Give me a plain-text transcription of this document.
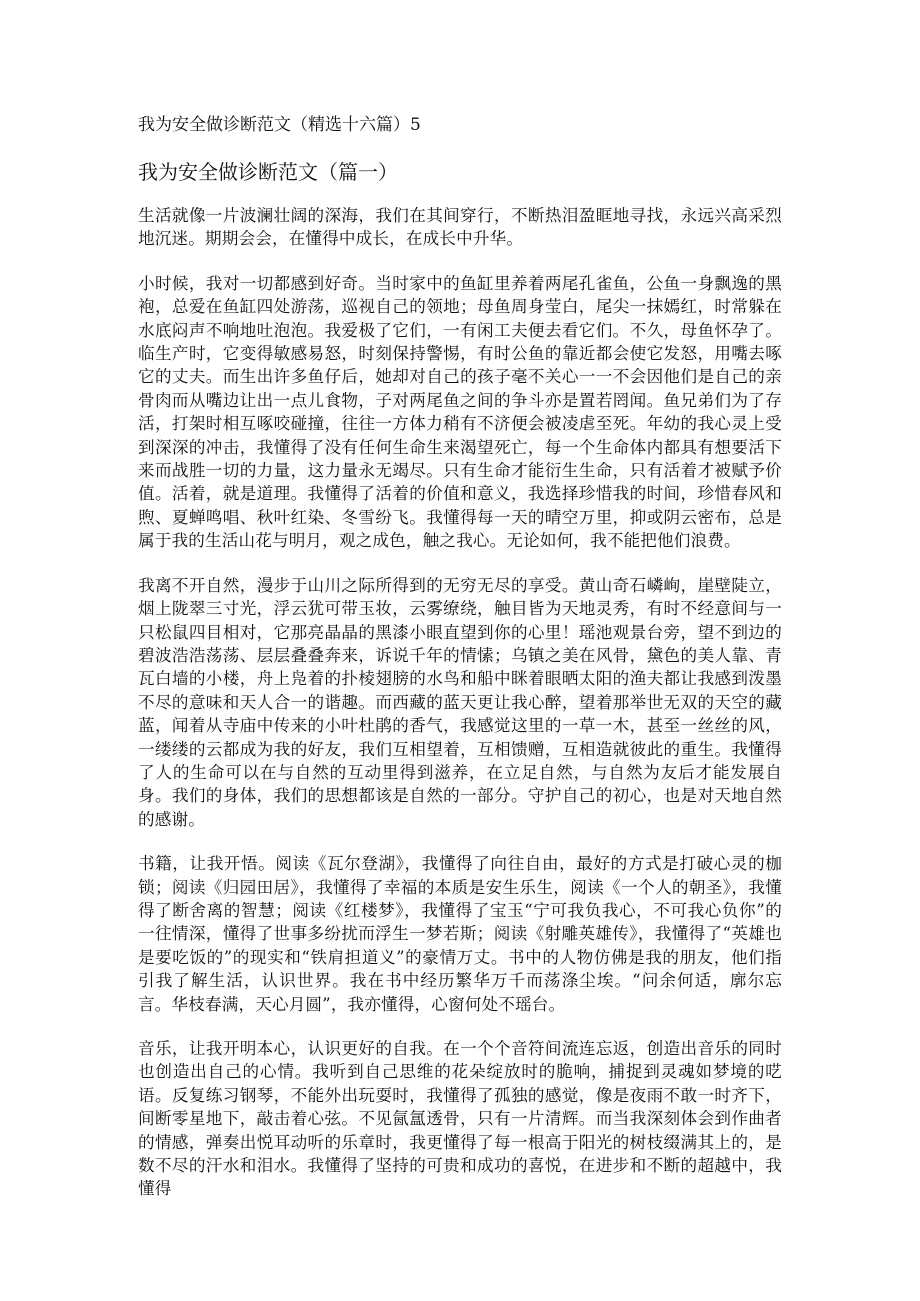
我为安全做诊断范文（精选十六篇）5
我为安全做诊断范文（篇一）

生活就像一片波澜壮阔的深海，我们在其间穿行，不断热泪盈眶地寻找，永远兴高采烈地沉迷。期期会会，在懂得中成长，在成长中升华。

小时候，我对一切都感到好奇。当时家中的鱼缸里养着两尾孔雀鱼，公鱼一身飘逸的黑袍，总爱在鱼缸四处游荡，巡视自己的领地；母鱼周身莹白，尾尖一抹嫣红，时常躲在水底闷声不响地吐泡泡。我爱极了它们，一有闲工夫便去看它们。不久，母鱼怀孕了。临生产时，它变得敏感易怒，时刻保持警惕，有时公鱼的靠近都会使它发怒，用嘴去啄它的丈夫。而生出许多鱼仔后，她却对自己的孩子毫不关心一一不会因他们是自己的亲骨肉而从嘴边让出一点儿食物，子对两尾鱼之间的争斗亦是置若罔闻。鱼兄弟们为了存活，打架时相互啄咬碰撞，往往一方体力稍有不济便会被凌虐至死。年幼的我心灵上受到深深的冲击，我懂得了没有任何生命生来渴望死亡，每一个生命体内都具有想要活下来而战胜一切的力量，这力量永无竭尽。只有生命才能衍生生命，只有活着才被赋予价值。活着，就是道理。我懂得了活着的价值和意义，我选择珍惜我的时间，珍惜春风和煦、夏蝉鸣唱、秋叶红染、冬雪纷飞。我懂得每一天的晴空万里，抑或阴云密布，总是属于我的生活山花与明月，观之成色，触之我心。无论如何，我不能把他们浪费。

我离不开自然，漫步于山川之际所得到的无穷无尽的享受。黄山奇石嶙峋，崖壁陡立，烟上陇翠三寸光，浮云犹可带玉妆，云雾缭绕，触目皆为天地灵秀，有时不经意间与一只松鼠四目相对，它那亮晶晶的黑漆小眼直望到你的心里！瑶池观景台旁，望不到边的碧波浩浩荡荡、层层叠叠奔来，诉说千年的情愫；乌镇之美在风骨，黛色的美人靠、青瓦白墙的小楼，舟上凫着的扑棱翅膀的水鸟和船中眯着眼晒太阳的渔夫都让我感到泼墨不尽的意味和天人合一的谐趣。而西藏的蓝天更让我心醉，望着那举世无双的天空的藏蓝，闻着从寺庙中传来的小叶杜鹃的香气，我感觉这里的一草一木，甚至一丝丝的风，一缕缕的云都成为我的好友，我们互相望着，互相馈赠，互相造就彼此的重生。我懂得了人的生命可以在与自然的互动里得到滋养，在立足自然，与自然为友后才能发展自身。我们的身体，我们的思想都该是自然的一部分。守护自己的初心，也是对天地自然的感谢。

书籍，让我开悟。阅读《瓦尔登湖》，我懂得了向往自由，最好的方式是打破心灵的枷锁；阅读《归园田居》，我懂得了幸福的本质是安生乐生，阅读《一个人的朝圣》，我懂得了断舍离的智慧；阅读《红楼梦》，我懂得了宝玉“宁可我负我心，不可我心负你”的一往情深，懂得了世事多纷扰而浮生一梦若斯；阅读《射雕英雄传》，我懂得了“英雄也是要吃饭的”的现实和“铁肩担道义”的豪情万丈。书中的人物仿佛是我的朋友，他们指引我了解生活，认识世界。我在书中经历繁华万千而荡涤尘埃。“问余何适，廓尔忘言。华枝春满，天心月圆”，我亦懂得，心窗何处不瑶台。

音乐，让我开明本心，认识更好的自我。在一个个音符间流连忘返，创造出音乐的同时也创造出自己的心情。我听到自己思维的花朵绽放时的脆响，捕捉到灵魂如梦境的呓语。反复练习钢琴，不能外出玩耍时，我懂得了孤独的感觉，像是夜雨不敢一时齐下，间断零星地下，敲击着心弦。不见氤氲透骨，只有一片清辉。而当我深刻体会到作曲者的情感，弹奏出悦耳动听的乐章时，我更懂得了每一根高于阳光的树枝缀满其上的，是数不尽的汗水和泪水。我懂得了坚持的可贵和成功的喜悦，在进步和不断的超越中，我懂得
